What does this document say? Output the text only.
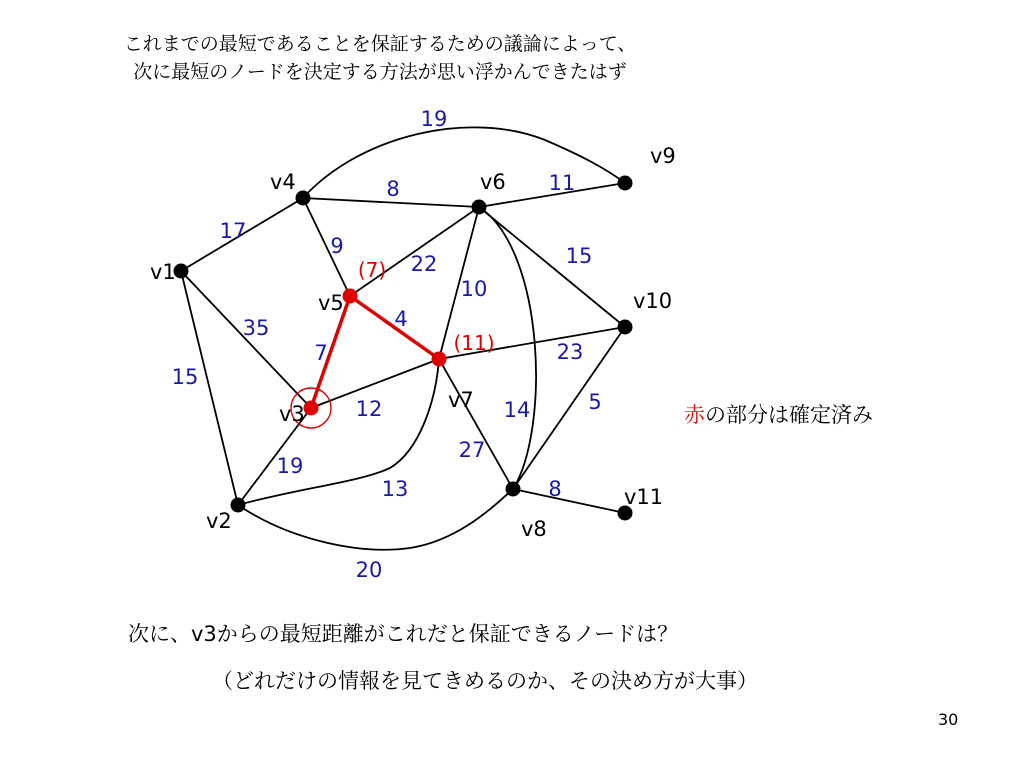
これまでの最短であることを保証するための議論によって、
次に最短のノードを決定する方法が思い浮かんできたはず
17
35
15
8
9
19
22
7
4
11
15
10
14
12
19
13
20
23
27
5
8
v1
v2
v3
v4
v5
(7)
v6
v7
(11)
v8
v9
v10
v11
赤の部分は確定済み
次に、v3からの最短距離がこれだと保証できるノードは？
（どれだけの情報を見てきめるのか、その決め方が大事）
30
